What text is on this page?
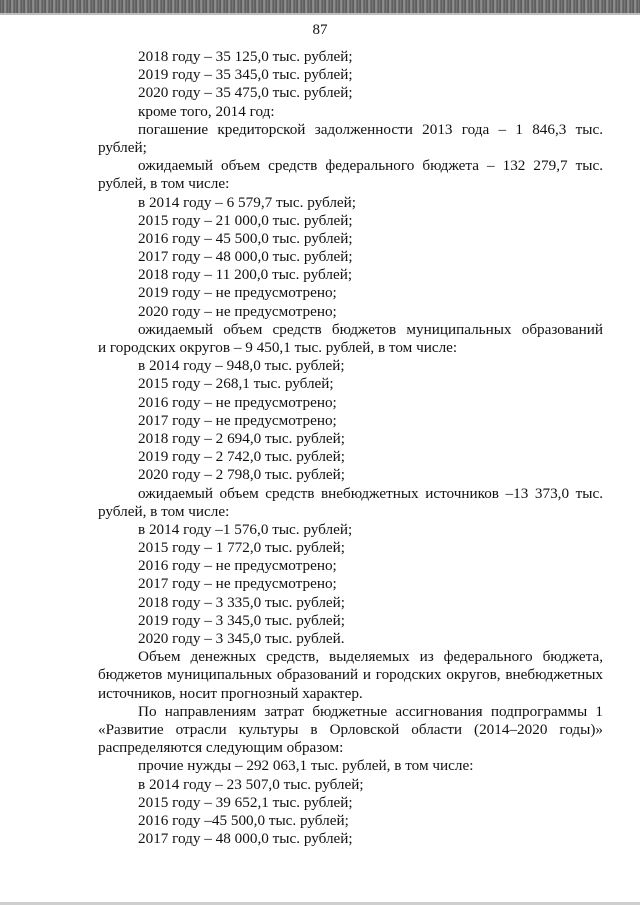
87
2018 году – 35 125,0 тыс. рублей;
2019 году – 35 345,0 тыс. рублей;
2020 году – 35 475,0 тыс. рублей;
кроме того, 2014 год:
погашение кредиторской задолженности 2013 года – 1 846,3 тыс.
рублей;
ожидаемый объем средств федерального бюджета – 132 279,7 тыс.
рублей, в том числе:
в 2014 году – 6 579,7 тыс. рублей;
2015 году – 21 000,0 тыс. рублей;
2016 году – 45 500,0 тыс. рублей;
2017 году – 48 000,0 тыс. рублей;
2018 году – 11 200,0 тыс. рублей;
2019 году – не предусмотрено;
2020 году – не предусмотрено;
ожидаемый объем средств бюджетов муниципальных образований
и городских округов – 9 450,1 тыс. рублей, в том числе:
в 2014 году – 948,0 тыс. рублей;
2015 году – 268,1 тыс. рублей;
2016 году – не предусмотрено;
2017 году – не предусмотрено;
2018 году – 2 694,0 тыс. рублей;
2019 году – 2 742,0 тыс. рублей;
2020 году – 2 798,0 тыс. рублей;
ожидаемый объем средств внебюджетных источников –13 373,0 тыс.
рублей, в том числе:
в 2014 году –1 576,0 тыс. рублей;
2015 году – 1 772,0 тыс. рублей;
2016 году – не предусмотрено;
2017 году – не предусмотрено;
2018 году – 3 335,0 тыс. рублей;
2019 году – 3 345,0 тыс. рублей;
2020 году – 3 345,0 тыс. рублей.
Объем денежных средств, выделяемых из федерального бюджета,
бюджетов муниципальных образований и городских округов, внебюджетных
источников, носит прогнозный характер.
По направлениям затрат бюджетные ассигнования подпрограммы 1
«Развитие отрасли культуры в Орловской области (2014–2020 годы)»
распределяются следующим образом:
прочие нужды – 292 063,1 тыс. рублей, в том числе:
в 2014 году – 23 507,0 тыс. рублей;
2015 году – 39 652,1 тыс. рублей;
2016 году –45 500,0 тыс. рублей;
2017 году – 48 000,0 тыс. рублей;
